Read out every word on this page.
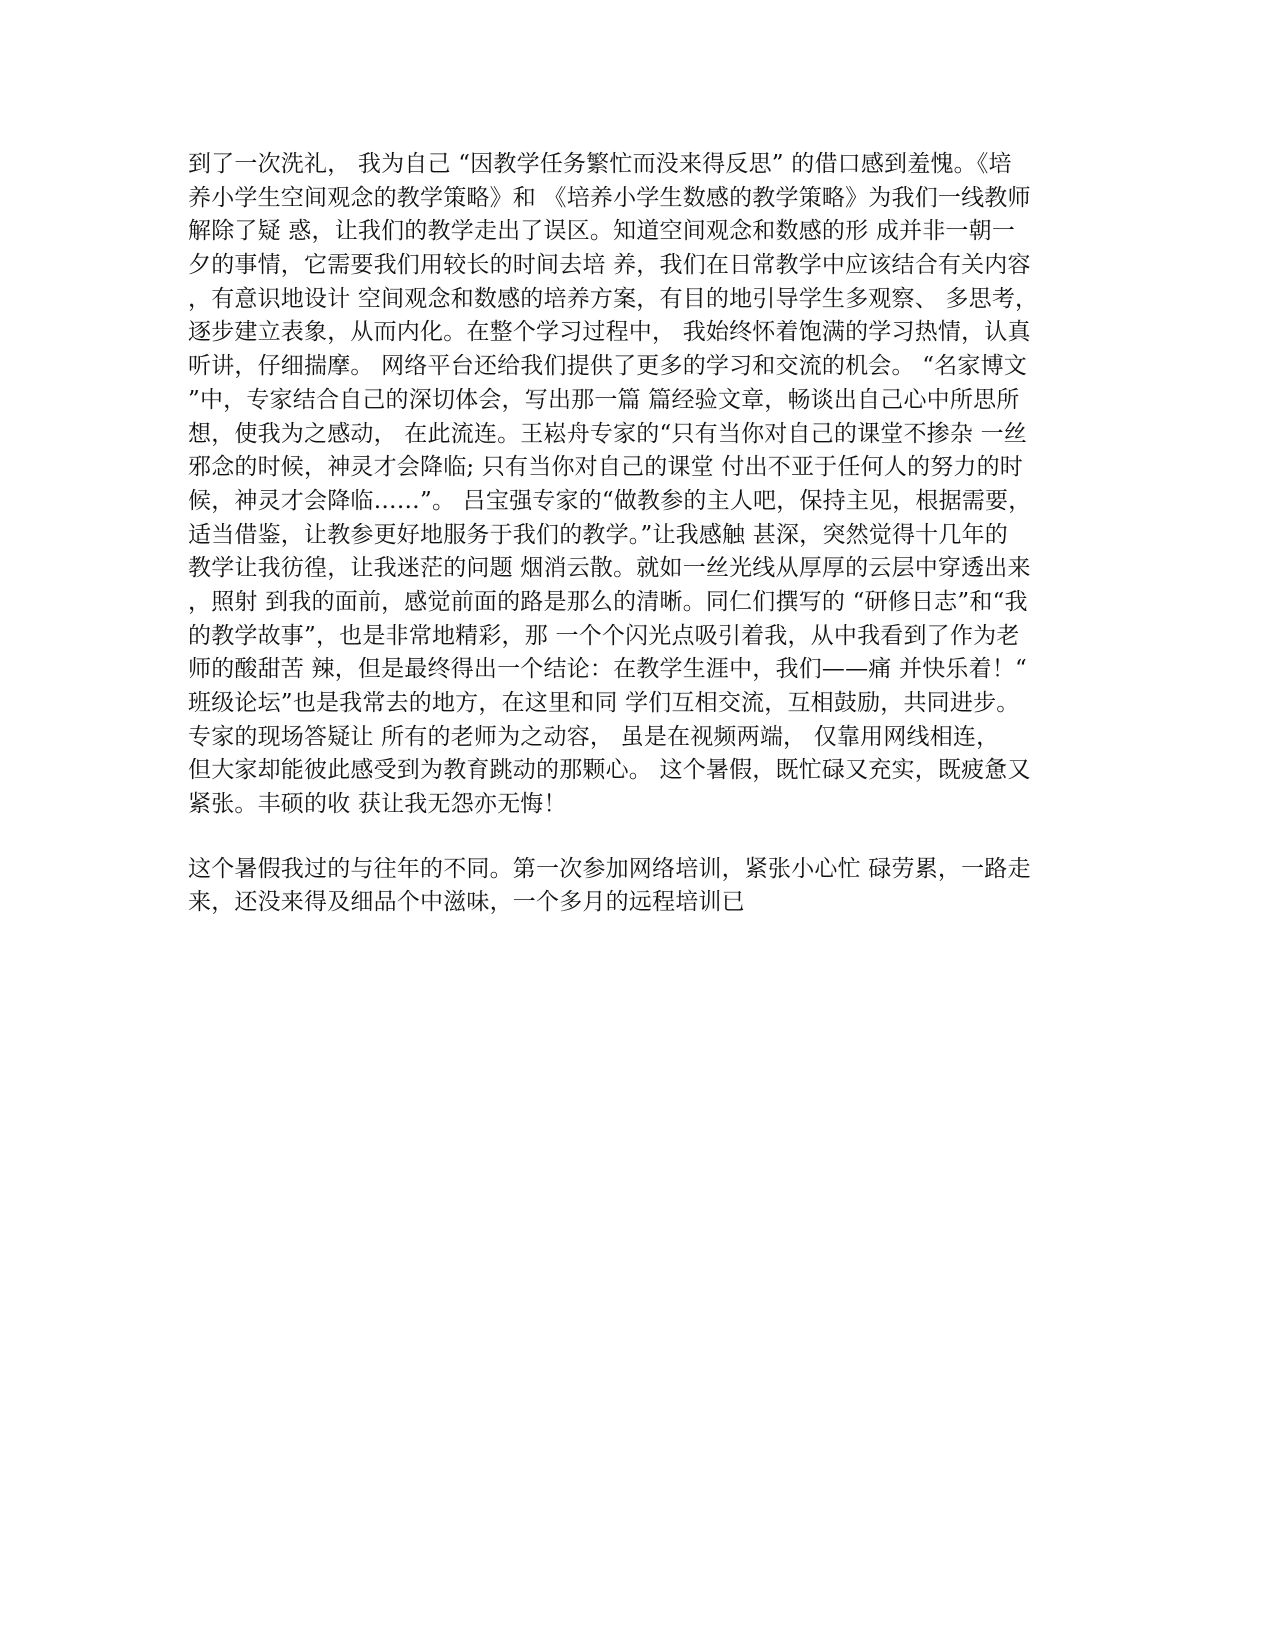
到了一次洗礼， 我为自己 “因教学任务繁忙而没来得反思” 的借口感到羞愧。《培
养小学生空间观念的教学策略》和 《培养小学生数感的教学策略》为我们一线教师
解除了疑 惑，让我们的教学走出了误区。知道空间观念和数感的形 成并非一朝一
夕的事情，它需要我们用较长的时间去培 养，我们在日常教学中应该结合有关内容
，有意识地设计 空间观念和数感的培养方案，有目的地引导学生多观察、 多思考，
逐步建立表象，从而内化。在整个学习过程中， 我始终怀着饱满的学习热情，认真
听讲，仔细揣摩。 网络平台还给我们提供了更多的学习和交流的机会。 “名家博文
”中，专家结合自己的深切体会，写出那一篇 篇经验文章，畅谈出自己心中所思所
想，使我为之感动， 在此流连。王崧舟专家的“只有当你对自己的课堂不掺杂 一丝
邪念的时候，神灵才会降临; 只有当你对自己的课堂 付出不亚于任何人的努力的时
候，神灵才会降临……”。 吕宝强专家的“做教参的主人吧，保持主见，根据需要，
适当借鉴，让教参更好地服务于我们的教学。”让我感触 甚深，突然觉得十几年的
教学让我彷徨，让我迷茫的问题 烟消云散。就如一丝光线从厚厚的云层中穿透出来
，照射 到我的面前，感觉前面的路是那么的清晰。同仁们撰写的 “研修日志”和“我
的教学故事”，也是非常地精彩，那 一个个闪光点吸引着我，从中我看到了作为老
师的酸甜苦 辣，但是最终得出一个结论：在教学生涯中，我们——痛 并快乐着！“
班级论坛”也是我常去的地方，在这里和同 学们互相交流，互相鼓励，共同进步。
专家的现场答疑让 所有的老师为之动容， 虽是在视频两端， 仅靠用网线相连，
但大家却能彼此感受到为教育跳动的那颗心。 这个暑假，既忙碌又充实，既疲惫又
紧张。丰硕的收 获让我无怨亦无悔！
这个暑假我过的与往年的不同。第一次参加网络培训，紧张小心忙 碌劳累，一路走
来，还没来得及细品个中滋味，一个多月的远程培训已
